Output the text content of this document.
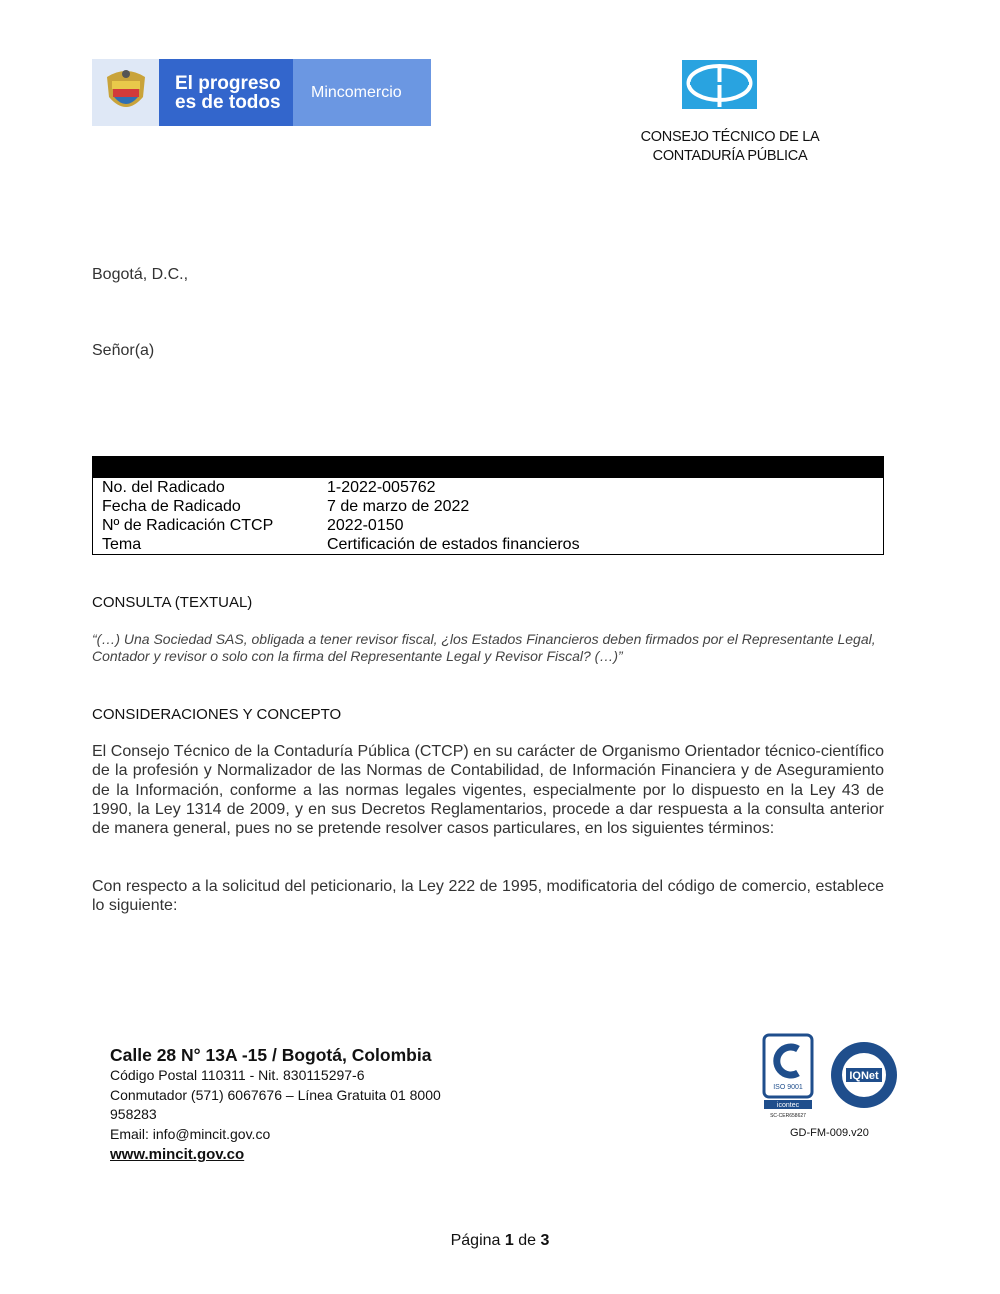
El progreso
es de todos	Mincomercio
CONSEJO TÉCNICO DE LA
CONTADURÍA PÚBLICA
Bogotá, D.C.,
Señor(a)
No. del Radicado	1-2022-005762
Fecha de Radicado	7 de marzo de 2022
Nº de Radicación CTCP	2022-0150
Tema	Certificación de estados financieros
CONSULTA (TEXTUAL)
“(…) Una Sociedad SAS, obligada a tener revisor fiscal, ¿los Estados Financieros deben firmados por el Representante Legal, Contador y revisor o solo con la firma del Representante Legal y Revisor Fiscal? (…)”
CONSIDERACIONES Y CONCEPTO
El Consejo Técnico de la Contaduría Pública (CTCP) en su carácter de Organismo Orientador técnico-científico de la profesión y Normalizador de las Normas de Contabilidad, de Información Financiera y de Aseguramiento de la Información, conforme a las normas legales vigentes, especialmente por lo dispuesto en la Ley 43 de 1990, la Ley 1314 de 2009, y en sus Decretos Reglamentarios, procede a dar respuesta a la consulta anterior de manera general, pues no se pretende resolver casos particulares, en los siguientes términos:
Con respecto a la solicitud del peticionario, la Ley 222 de 1995, modificatoria del código de comercio, establece lo siguiente:
Calle 28 N° 13A -15 / Bogotá, Colombia
Código Postal 110311 - Nit. 830115297-6
Conmutador (571) 6067676 – Línea Gratuita 01 8000
958283
Email: info@mincit.gov.co
www.mincit.gov.co
ISO 9001
icontec
SC-CER658627
IQNet
GD-FM-009.v20
Página 1 de 3
